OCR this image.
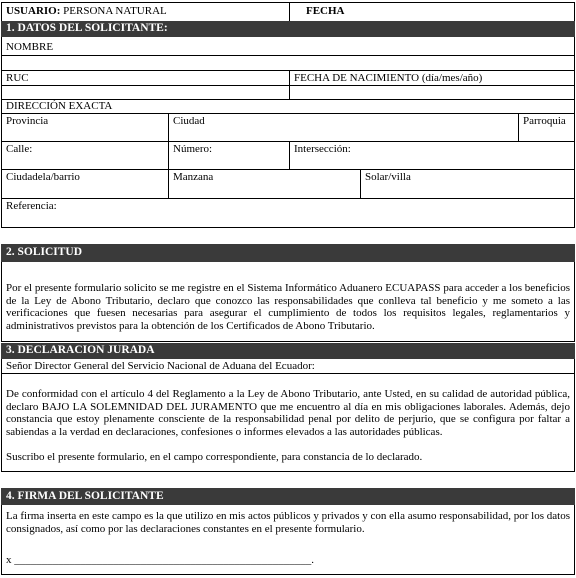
USUARIO: PERSONA NATURAL	FECHA
1. DATOS DEL SOLICITANTE:
NOMBRE
RUC	FECHA DE NACIMIENTO (día/mes/año)
DIRECCIÓN EXACTA
Provincia	Ciudad	Parroquia
Calle:	Número:	Intersección:
Ciudadela/barrio	Manzana	Solar/villa
Referencia:
2. SOLICITUD
Por el presente formulario solicito se me registre en el Sistema Informático Aduanero ECUAPASS para acceder a los beneficios de la Ley de Abono Tributario, declaro que conozco las responsabilidades que conlleva tal beneficio y me someto a las verificaciones que fuesen necesarias para asegurar el cumplimiento de todos los requisitos legales, reglamentarios y administrativos previstos para la obtención de los Certificados de Abono Tributario.
3. DECLARACION JURADA
Señor Director General del Servicio Nacional de Aduana del Ecuador:
De conformidad con el artículo 4 del Reglamento a la Ley de Abono Tributario, ante Usted, en su calidad de autoridad pública, declaro BAJO LA SOLEMNIDAD DEL JURAMENTO que me encuentro al día en mis obligaciones laborales. Además, dejo constancia que estoy plenamente consciente de la responsabilidad penal por delito de perjurio, que se configura por faltar a sabiendas a la verdad en declaraciones, confesiones o informes elevados a las autoridades públicas.
Suscribo el presente formulario, en el campo correspondiente, para constancia de lo declarado.
4. FIRMA DEL SOLICITANTE
La firma inserta en este campo es la que utilizo en mis actos públicos y privados y con ella asumo responsabilidad, por los datos consignados, así como por las declaraciones constantes en el presente formulario.
x ______________________________________________________.
